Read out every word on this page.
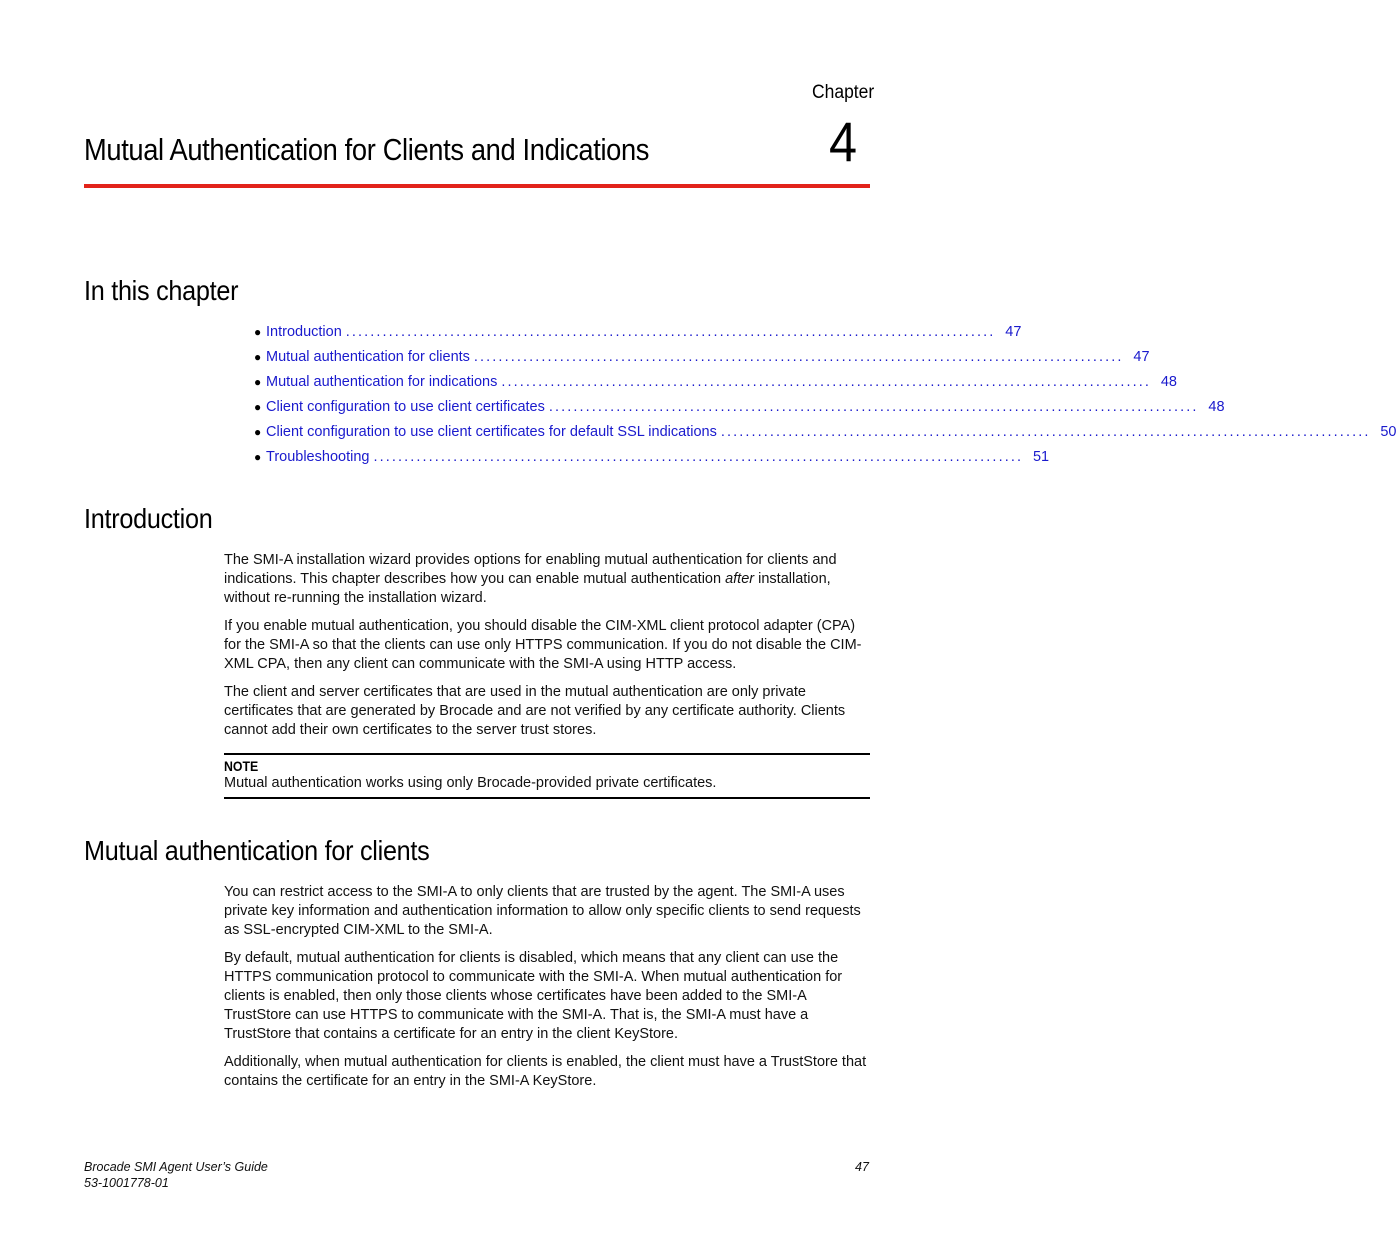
Chapter
4
Mutual Authentication for Clients and Indications
In this chapter
● Introduction .......................................................................................................... 47
● Mutual authentication for clients .......................................................................................................... 47
● Mutual authentication for indications .......................................................................................................... 48
● Client configuration to use client certificates .......................................................................................................... 48
● Client configuration to use client certificates for default SSL indications .......................................................................................................... 50
● Troubleshooting .......................................................................................................... 51
Introduction

The SMI-A installation wizard provides options for enabling mutual authentication for clients and indications. This chapter describes how you can enable mutual authentication after installation, without re-running the installation wizard.

If you enable mutual authentication, you should disable the CIM-XML client protocol adapter (CPA) for the SMI-A so that the clients can use only HTTPS communication. If you do not disable the CIM-XML CPA, then any client can communicate with the SMI-A using HTTP access.

The client and server certificates that are used in the mutual authentication are only private certificates that are generated by Brocade and are not verified by any certificate authority. Clients cannot add their own certificates to the server trust stores.

NOTE
Mutual authentication works using only Brocade-provided private certificates.
Mutual authentication for clients

You can restrict access to the SMI-A to only clients that are trusted by the agent. The SMI-A uses private key information and authentication information to allow only specific clients to send requests as SSL-encrypted CIM-XML to the SMI-A.

By default, mutual authentication for clients is disabled, which means that any client can use the HTTPS communication protocol to communicate with the SMI-A. When mutual authentication for clients is enabled, then only those clients whose certificates have been added to the SMI-A TrustStore can use HTTPS to communicate with the SMI-A. That is, the SMI-A must have a TrustStore that contains a certificate for an entry in the client KeyStore.

Additionally, when mutual authentication for clients is enabled, the client must have a TrustStore that contains the certificate for an entry in the SMI-A KeyStore.

Brocade SMI Agent User’s Guide
53-1001778-01
47
